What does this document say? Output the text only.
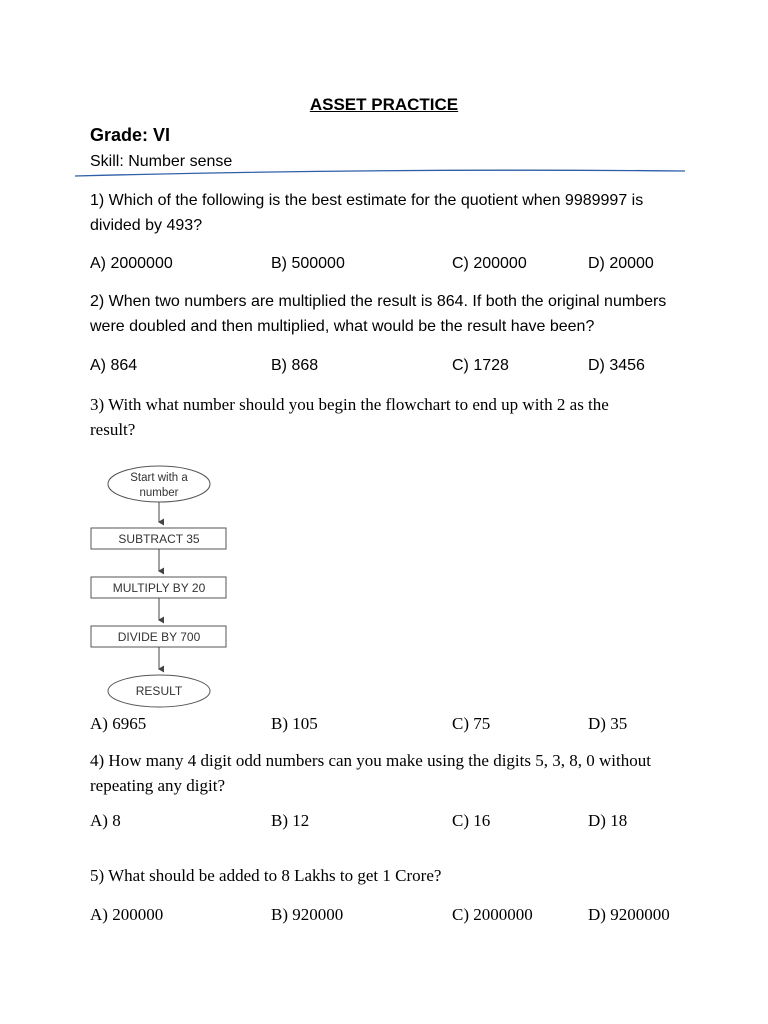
ASSET PRACTICE
Grade: VI
Skill: Number sense
1) Which of the following is the best estimate for the quotient when 9989997 is divided by 493?
A) 2000000	B) 500000	C) 200000	D) 20000
2) When two numbers are multiplied the result is 864. If both the original numbers were doubled and then multiplied, what would be the result have been?
A) 864	B) 868	C) 1728	D) 3456
3) With what number should you begin the flowchart to end up with 2 as the result?
Start with a
number
SUBTRACT 35
MULTIPLY BY 20
DIVIDE BY 700
RESULT
A) 6965	B) 105	C) 75	D) 35
4) How many 4 digit odd numbers can you make using the digits 5, 3, 8, 0 without repeating any digit?
A) 8	B) 12	C) 16	D) 18
5) What should be added to 8 Lakhs to get 1 Crore?
A) 200000	B) 920000	C) 2000000	D) 9200000
